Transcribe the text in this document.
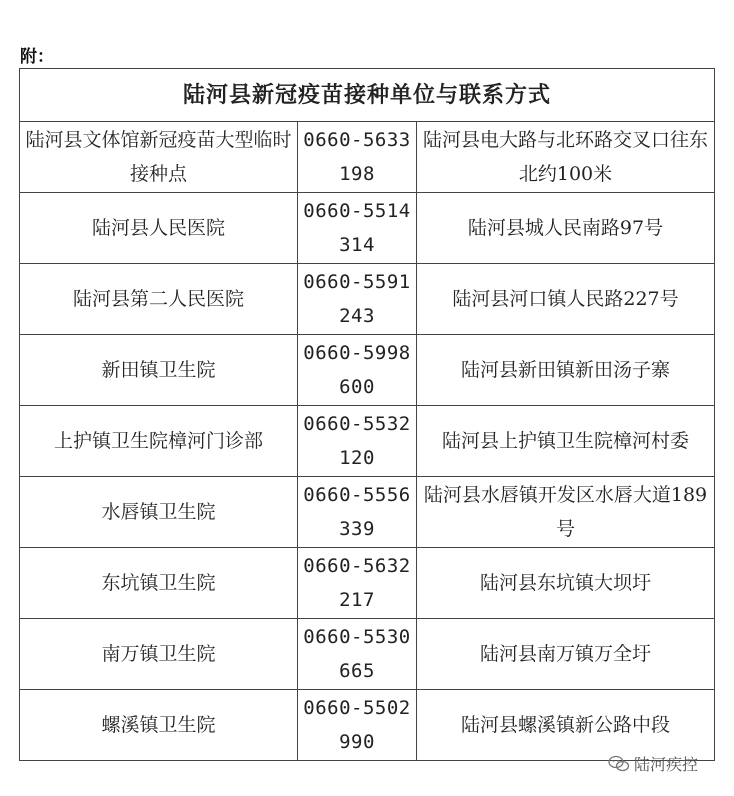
附：
陆河县新冠疫苗接种单位与联系方式		
陆河县文体馆新冠疫苗大型临时接种点	0660-5633198	陆河县电大路与北环路交叉口往东北约100米
陆河县人民医院	0660-5514314	陆河县城人民南路97号
陆河县第二人民医院	0660-5591243	陆河县河口镇人民路227号
新田镇卫生院	0660-5998600	陆河县新田镇新田汤子寨
上护镇卫生院樟河门诊部	0660-5532120	陆河县上护镇卫生院樟河村委
水唇镇卫生院	0660-5556339	陆河县水唇镇开发区水唇大道189号
东坑镇卫生院	0660-5632217	陆河县东坑镇大坝圩
南万镇卫生院	0660-5530665	陆河县南万镇万全圩
螺溪镇卫生院	0660-5502990	陆河县螺溪镇新公路中段
陆河疾控
